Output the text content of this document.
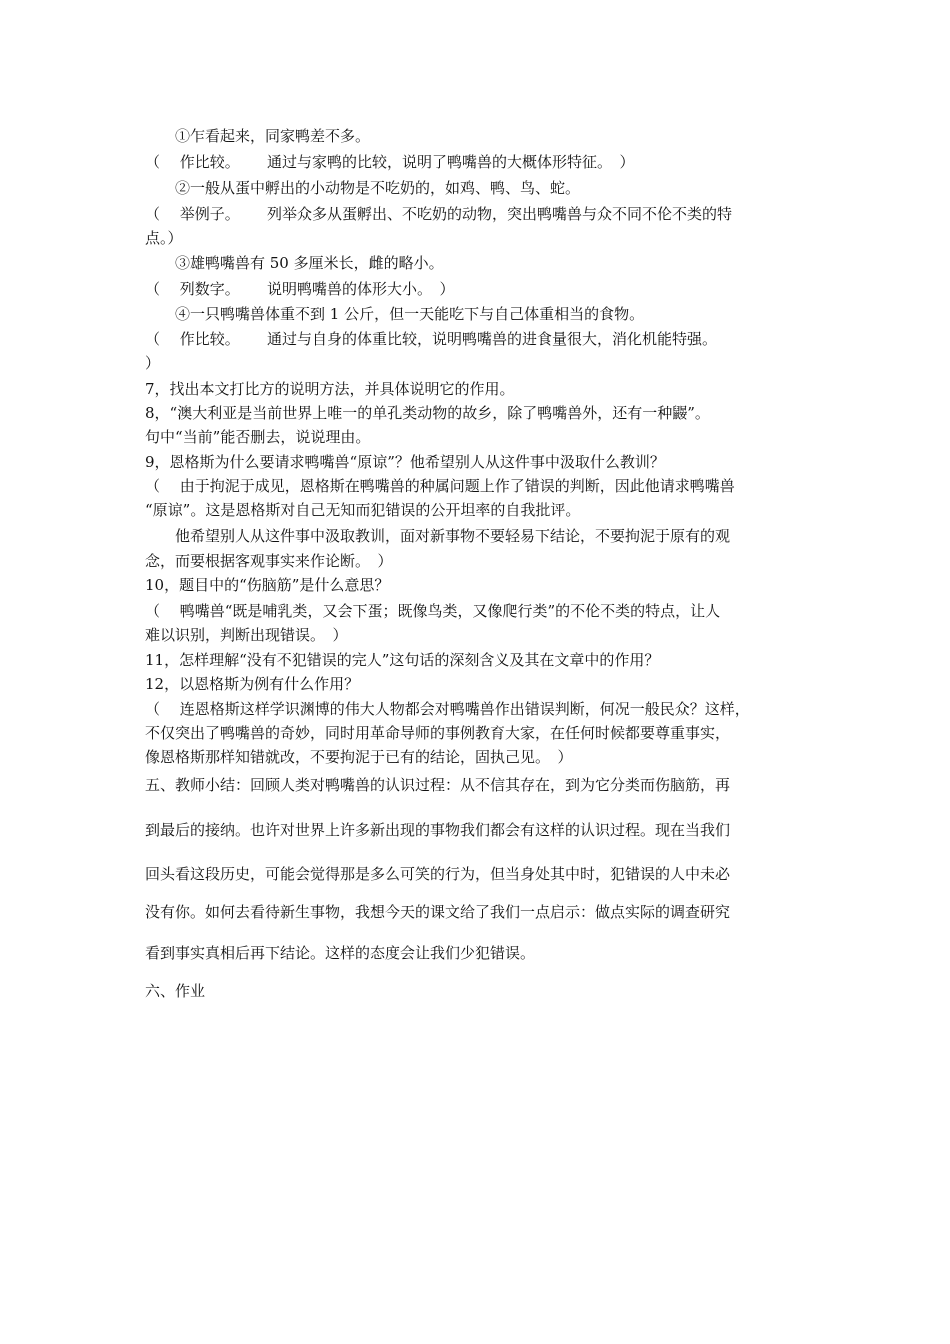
①乍看起来，同家鸭差不多。
（　 作比较。　　 通过与家鸭的比较，说明了鸭嘴兽的大概体形特征。　）
②一般从蛋中孵出的小动物是不吃奶的，如鸡、鸭、鸟、蛇。
（　 举例子。　　 列举众多从蛋孵出、不吃奶的动物，突出鸭嘴兽与众不同不伦不类的特
点。）
③雄鸭嘴兽有 50 多厘米长，雌的略小。
（　 列数字。　　 说明鸭嘴兽的体形大小。　）
④一只鸭嘴兽体重不到 1 公斤，但一天能吃下与自己体重相当的食物。
（　 作比较。　　 通过与自身的体重比较，说明鸭嘴兽的进食量很大，消化机能特强。
）
7，找出本文打比方的说明方法，并具体说明它的作用。
8，“澳大利亚是当前世界上唯一的单孔类动物的故乡，除了鸭嘴兽外，还有一种鼹”。
句中“当前”能否删去，说说理由。
9，恩格斯为什么要请求鸭嘴兽“原谅”？他希望别人从这件事中汲取什么教训？
（　 由于拘泥于成见，恩格斯在鸭嘴兽的种属问题上作了错误的判断，因此他请求鸭嘴兽
“原谅”。这是恩格斯对自己无知而犯错误的公开坦率的自我批评。
他希望别人从这件事中汲取教训，面对新事物不要轻易下结论，不要拘泥于原有的观
念，而要根据客观事实来作论断。　）
10，题目中的“伤脑筋”是什么意思？
（　 鸭嘴兽“既是哺乳类，又会下蛋；既像鸟类，又像爬行类”的不伦不类的特点，让人
难以识别，判断出现错误。　）
11，怎样理解“没有不犯错误的完人”这句话的深刻含义及其在文章中的作用？
12，以恩格斯为例有什么作用？
（　 连恩格斯这样学识渊博的伟大人物都会对鸭嘴兽作出错误判断，何况一般民众？这样，
不仅突出了鸭嘴兽的奇妙，同时用革命导师的事例教育大家，在任何时候都要尊重事实，
像恩格斯那样知错就改，不要拘泥于已有的结论，固执己见。　）
五、教师小结：回顾人类对鸭嘴兽的认识过程：从不信其存在，到为它分类而伤脑筋，再
到最后的接纳。也许对世界上许多新出现的事物我们都会有这样的认识过程。现在当我们
回头看这段历史，可能会觉得那是多么可笑的行为，但当身处其中时，犯错误的人中未必
没有你。如何去看待新生事物，我想今天的课文给了我们一点启示：做点实际的调查研究
看到事实真相后再下结论。这样的态度会让我们少犯错误。
六、作业
